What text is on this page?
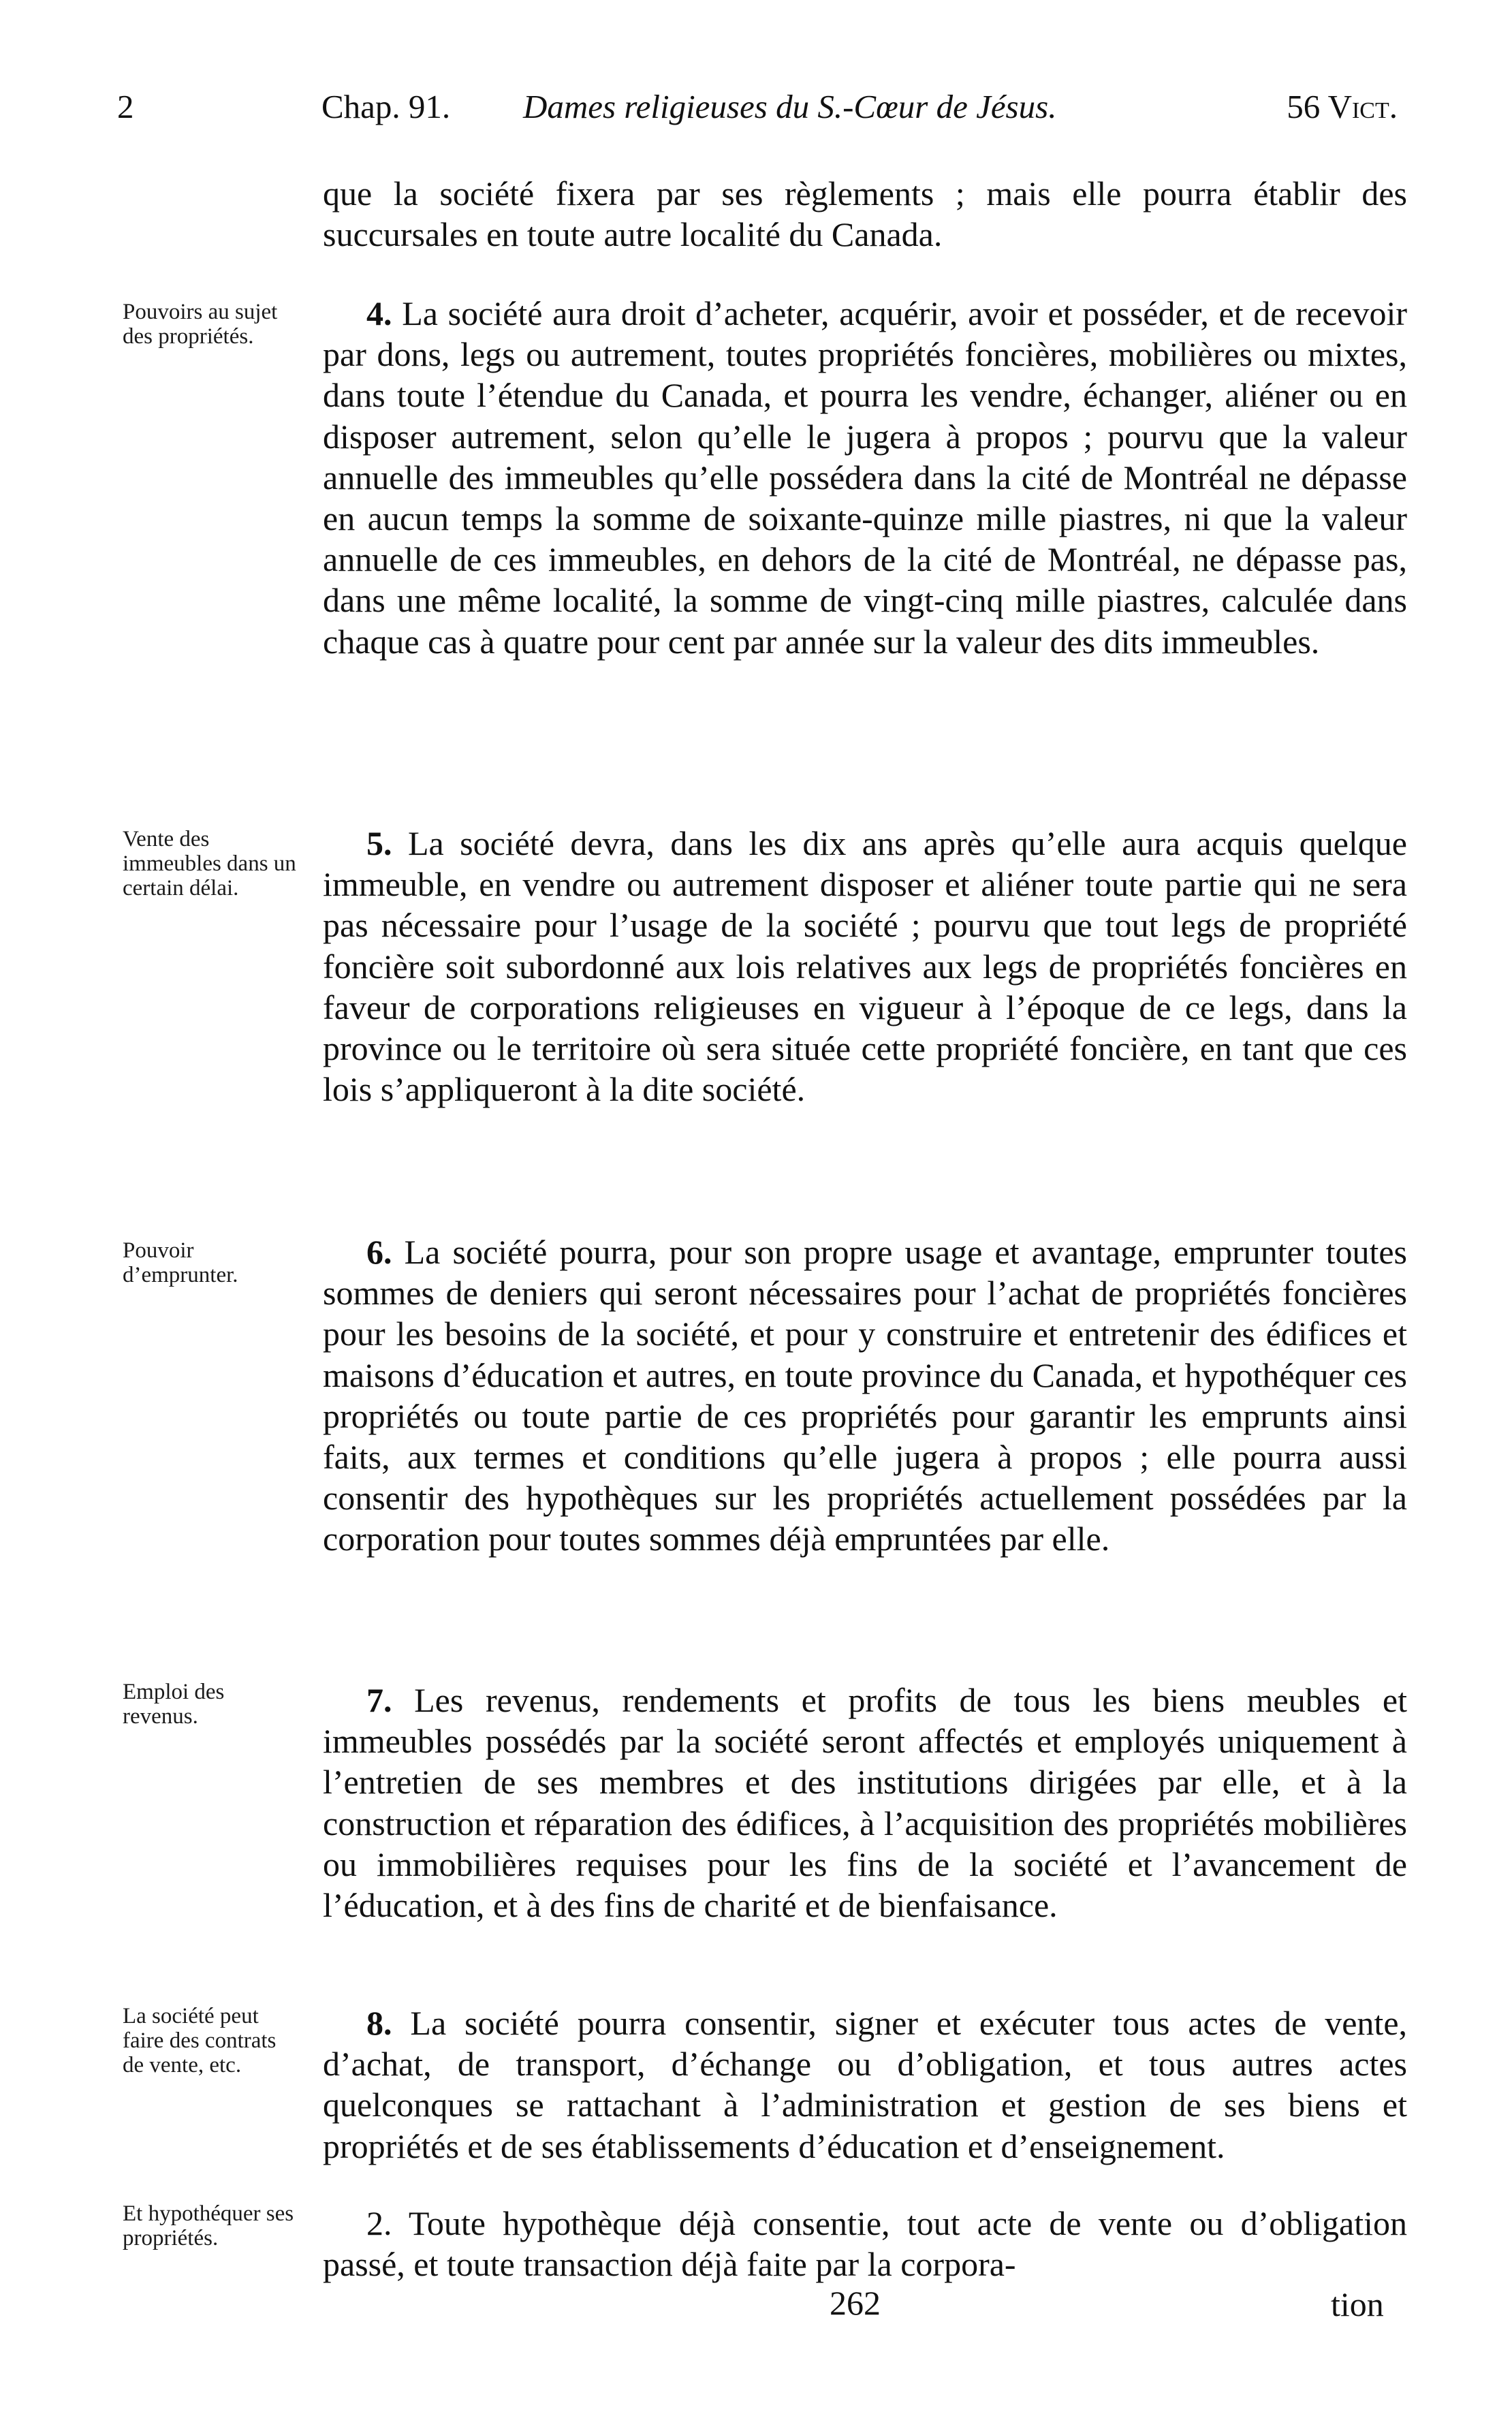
2	Chap. 91. Dames religieuses du S.-Cœur de Jésus.	56 Vict.
Pouvoirs au sujet des propriétés.
Vente des immeubles dans un certain délai.
Pouvoir d’emprunter.
Emploi des revenus.
La société peut faire des contrats de vente, etc.
Et hypothéquer ses propriétés.

que la société fixera par ses règlements ; mais elle pourra établir des succursales en toute autre localité du Canada.

4. La société aura droit d’acheter, acquérir, avoir et posséder, et de recevoir par dons, legs ou autrement, toutes propriétés foncières, mobilières ou mixtes, dans toute l’étendue du Canada, et pourra les vendre, échanger, aliéner ou en disposer autrement, selon qu’elle le jugera à propos ; pourvu que la valeur annuelle des immeubles qu’elle possédera dans la cité de Montréal ne dépasse en aucun temps la somme de soixante-quinze mille piastres, ni que la valeur annuelle de ces immeubles, en dehors de la cité de Montréal, ne dépasse pas, dans une même localité, la somme de vingt-cinq mille piastres, calculée dans chaque cas à quatre pour cent par année sur la valeur des dits immeubles.

5. La société devra, dans les dix ans après qu’elle aura acquis quelque immeuble, en vendre ou autrement disposer et aliéner toute partie qui ne sera pas nécessaire pour l’usage de la société ; pourvu que tout legs de propriété foncière soit subordonné aux lois relatives aux legs de propriétés foncières en faveur de corporations religieuses en vigueur à l’époque de ce legs, dans la province ou le territoire où sera située cette propriété foncière, en tant que ces lois s’appliqueront à la dite société.

6. La société pourra, pour son propre usage et avantage, emprunter toutes sommes de deniers qui seront nécessaires pour l’achat de propriétés foncières pour les besoins de la société, et pour y construire et entretenir des édifices et maisons d’éducation et autres, en toute province du Canada, et hypothéquer ces propriétés ou toute partie de ces propriétés pour garantir les emprunts ainsi faits, aux termes et conditions qu’elle jugera à propos ; elle pourra aussi consentir des hypothèques sur les propriétés actuellement possédées par la corporation pour toutes sommes déjà empruntées par elle.

7. Les revenus, rendements et profits de tous les biens meubles et immeubles possédés par la société seront affectés et employés uniquement à l’entretien de ses membres et des institutions dirigées par elle, et à la construction et réparation des édifices, à l’acquisition des propriétés mobilières ou immobilières requises pour les fins de la société et l’avancement de l’éducation, et à des fins de charité et de bienfaisance.

8. La société pourra consentir, signer et exécuter tous actes de vente, d’achat, de transport, d’échange ou d’obligation, et tous autres actes quelconques se rattachant à l’administration et gestion de ses biens et propriétés et de ses établissements d’éducation et d’enseignement.

2. Toute hypothèque déjà consentie, tout acte de vente ou d’obligation passé, et toute transaction déjà faite par la corpora-

262	tion
